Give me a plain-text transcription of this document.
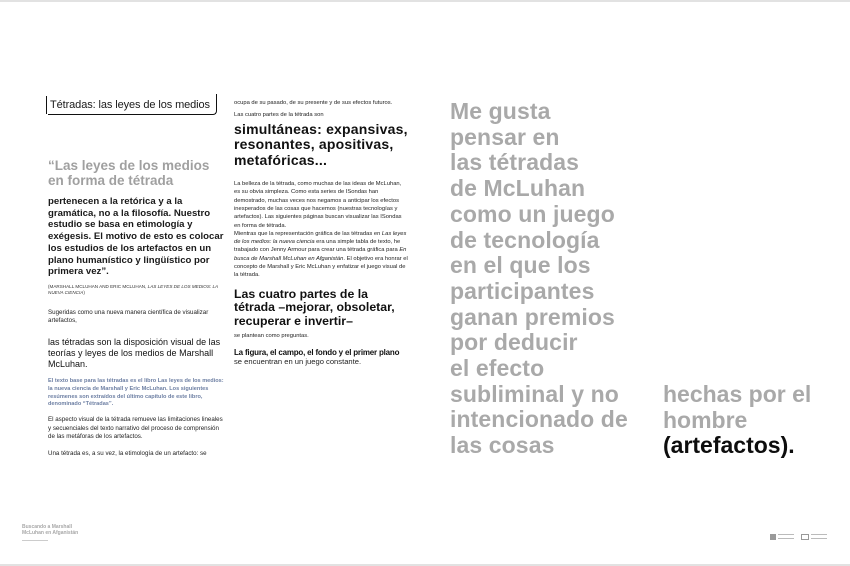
Tétradas: las leyes de los medios
“Las leyes de los medios en forma de tétrada
pertenecen a la retórica y a la gramática, no a la filosofía. Nuestro estudio se basa en etimología y exégesis. El motivo de esto es colocar los estudios de los artefactos en un plano humanístico y lingüístico por primera vez”.
(MARSHALL MCLUHAN AND ERIC MCLUHAN, LAS LEYES DE LOS MEDIOS: LA NUEVA CIENCIA)
Sugeridas como una nueva manera científica de visualizar artefactos,
las tétradas son la disposición visual de las teorías y leyes de los medios de Marshall McLuhan.
El texto base para las tétradas es el libro Las leyes de los medios: la nueva ciencia de Marshall y Eric McLuhan. Los siguientes resúmenes son extraídos del último capítulo de este libro, denominado “Tétradas”.
El aspecto visual de la tétrada remueve las limitaciones lineales y secuenciales del texto narrativo del proceso de comprensión de las metáforas de los artefactos.
Una tétrada es, a su vez, la etimología de un artefacto: se
ocupa de su pasado, de su presente y de sus efectos futuros.
Las cuatro partes de la tétrada son
simultáneas: expansivas, resonantes, apositivas, metafóricas...
La belleza de la tétrada, como muchas de las ideas de McLuhan, es su obvia simpleza. Como esta series de ISondas han demostrado, muchas veces nos negamos a anticipar los efectos inesperados de las cosas que hacemos (nuestras tecnologías y artefactos). Las siguientes páginas buscan visualizar las ISondas en forma de tétrada.
Mientras que la representación gráfica de las tétradas en Las leyes de los medios: la nueva ciencia era una simple tabla de texto, he trabajado con Jenny Armour para crear una tétrada gráfica para En busca de Marshall McLuhan en Afganistán. El objetivo era honrar el concepto de Marshall y Eric McLuhan y enfatizar el juego visual de la tétrada.
Las cuatro partes de la tétrada –mejorar, obsoletar, recuperar e invertir–
se plantean como preguntas.
La figura, el campo, el fondo y el primer plano
se encuentran en un juego constante.
Me gusta
pensar en
las tétradas
de McLuhan
como un juego
de tecnología
en el que los
participantes
ganan premios
por deducir
el efecto
subliminal y no
intencionado de
las cosas
hechas por el
hombre
(artefactos).
Buscando a Marshall
McLuhan en Afganistán
